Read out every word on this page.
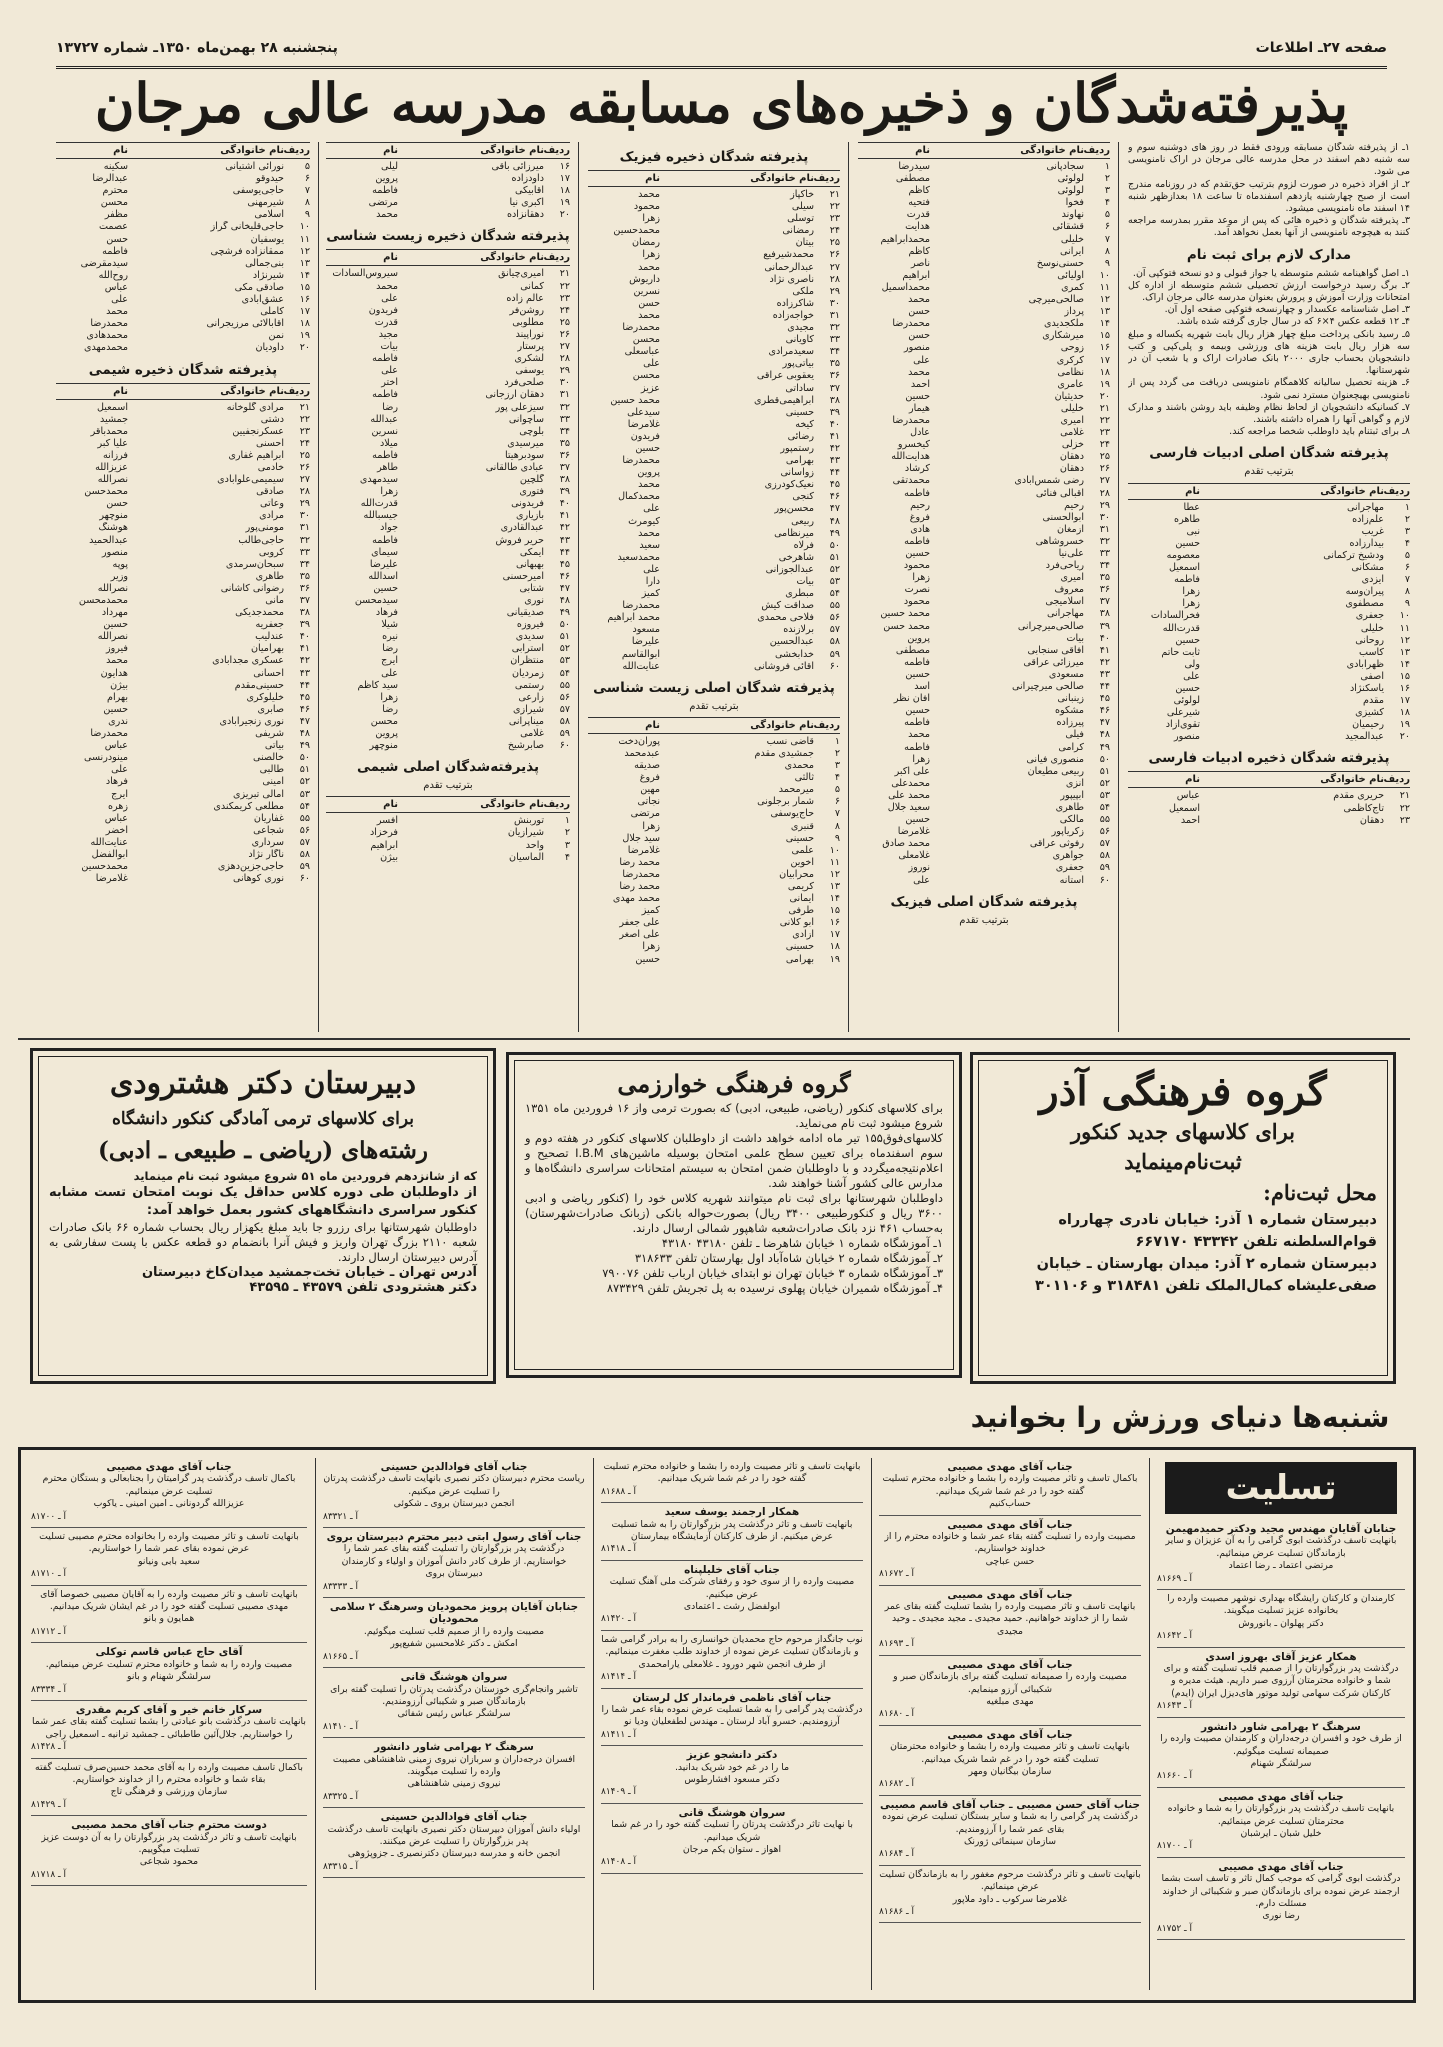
صفحه ۲۷ـ اطلاعات
پنجشنبه ۲۸ بهمن‌ماه ۱۳۵۰ـ شماره ۱۳۷۲۷
پذیرفته‌شدگان و ذخیره‌های مسابقه مدرسه عالی مرجان
۱ـ از پذیرفته شدگان مسابقه ورودی فقط در روز های دوشنبه سوم و سه شنبه دهم اسفند در محل مدرسه عالی مرجان در اراک نامنویسی می شود.
۲ـ از افراد ذخیره در صورت لزوم بترتیب حق‌تقدم که در روزنامه مندرج است از صبح چهارشنبه یازدهم اسفند‌ماه تا ساعت ۱۸ بعدازظهر شنبه ۱۴ اسفند ماه نامنویسی میشود.
۳ـ پذیرفته شدگان و ذخیره هائی که پس از موعد مقرر بمدرسه مراجعه کنند به هیچوجه نامنویسی از آنها بعمل نخواهد آمد.
مدارک لازم برای ثبت نام
۱ـ اصل گواهینامه ششم متوسطه یا جواز قبولی و دو نسخه فتوکپی آن.
۲ـ برگ رسید درخواست ارزش تحصیلی ششم متوسطه از اداره کل امتحانات وزارت آموزش و پرورش بعنوان مدرسه عالی مرجان اراک.
۳ـ اصل شناسنامه عکسدار و چهارنسخه فتوکپی صفحه اول آن.
۴ـ ۱۲ قطعه عکس ۴×۶ که در سال جاری گرفته شده باشد.
۵ـ رسید بانکی پرداخت مبلغ چهار هزار ریال بابت شهریه یکساله و مبلغ سه هزار ریال بابت هزینه های ورزشی وبیمه و پلی‌کپی و کتب دانشجویان بحساب جاری ۲۰۰۰ بانک صادرات اراک و یا شعب آن در شهرستانها.
۶ـ هزینه تحصیل سالیانه کلاهمگام نامنویسی دریافت می گردد پس از نامنویسی بهیچعنوان مسترد نمی شود.
۷ـ کسانیکه دانشجویان از لحاظ نظام وظیفه باید روشن باشند و مدارک لازم و گواهی آنها را همراه داشته باشند.
۸ـ برای ثبتنام باید داوطلب شخصا مراجعه کند.
پذیرفته شدگان اصلی ادبیات فارسی
بترتیب تقدم
ردیف
نام خانوادگی
نام
۱
مهاجرانی
عطا
۲
علم‌زاده
طاهره
۳
غریب
نبی
۴
بیدارزاده
حسین
۵
ودشیخ ترکمانی
معصومه
۶
مشکانی
اسمعیل
۷
ایزدی
فاطمه
۸
پیران‌وسه
زهرا
۹
مصطفوی
زهرا
۱۰
جعفری
فخرالسادات
۱۱
خلیلی
قدرت‌الله
۱۲
روحانی
حسین
۱۳
کاسب
ثابت حاتم
۱۴
ظهرآبادی
ولی
۱۵
آصفی
علی
۱۶
یاسکنژاد
حسین
۱۷
مقدم
لولوئی
۱۸
کشیزی
شیرعلی
۱۹
رحیمیان
تقوی‌آزاد
۲۰
عبدالمجید
منصور
پذیرفته شدگان ذخیره ادبیات فارسی
ردیف
نام خانوادگی
نام
۲۱
حریری مقدم
عباس
۲۲
تاج‌کاظمی
اسمعیل
۲۳
دهقان
احمد
ردیف
نام خانوادگی
نام
۱
سجادپانی
سیدرضا
۲
لولوئی
مصطفی
۳
لولوئی
کاظم
۴
فخوا
فتحیه
۵
نهاوند
قدرت
۶
قشقائی
هدایت
۷
خلیلی
محمدابراهیم
۸
ایرانی
کاظم
۹
حسنی‌نوسخ
ناصر
۱۰
اولیائی
ابراهیم
۱۱
کمری
محمداسمیل
۱۲
صالحی‌میرچی
محمد
۱۳
پرداز
حسن
۱۴
ملکجدیدی
محمدرضا
۱۵
میرشکاری
حسن
۱۶
زوحی
منصور
۱۷
کرکری
علی
۱۸
نظامی
محمد
۱۹
عامری
احمد
۲۰
حدیثیان
حسین
۲۱
خلیلی
هیمار
۲۲
امیری
محمدرضا
۲۳
غلامی
عادل
۲۴
خزلی
کیخسرو
۲۵
دهقان
هدایت‌الله
۲۶
دهقان
کرشاد
۲۷
رضی شمس‌آبادی
محمدتقی
۲۸
اقبالی فنائی
فاطمه
۲۹
رحیم
رحیم
۳۰
ابوالحسنی
فروغ
۳۱
ازمغان
هادی
۳۲
خسروشاهی
فاطمه
۳۳
علی‌نیا
حسین
۳۴
ریاحی‌فرد
محمود
۳۵
امیری
زهرا
۳۶
معروف
نصرت
۳۷
اسلامیجی
محمود
۳۸
مهاجرانی
محمد حسین
۳۹
صالحی‌میرچرانی
محمد حسن
۴۰
بیات
پروین
۴۱
آفاقی سنجابی
مصطفی
۴۲
میرزائی عراقی
فاطمه
۴۳
مسعودی
حسین
۴۴
صالحی میرچیرانی
اسد
۴۵
زینبانی
آفان نظر
۴۶
مشکوه
حسین
۴۷
پیرزاده
فاطمه
۴۸
فیلی
محمد
۴۹
کرامی
فاطمه
۵۰
منصوری فیانی
زهرا
۵۱
ربیعی مطیعان
علی اکبر
۵۲
آنزی
محمدعلی
۵۳
ابپیپور
محمد علی
۵۴
طاهری
سعید جلال
۵۵
مالکی
حسین
۵۶
زکریاپور
غلامرضا
۵۷
رفوثی عراقی
محمد صادق
۵۸
جواهری
غلامعلی
۵۹
جعفری
نوروز
۶۰
آستانه
علی
پذیرفته شدگان اصلی فیزیک
بترتیب تقدم
پذیرفته شدگان ذخیره فیزیک
ردیف
نام خانوادگی
نام
۲۱
خاکپاز
محمد
۲۲
سیلی
محمود
۲۳
توسلی
زهرا
۲۴
رمضانی
محمدحسین
۲۵
بیتان
رمضان
۲۶
محمدشیرفیع
زهرا
۲۷
عبدالرحمانی
محمد
۲۸
ناصری نژاد
داریوش
۲۹
ملکی
نسرین
۳۰
شاکرزاده
حسن
۳۱
خواجه‌زاده
محمد
۳۲
مجیدی
محمدرضا
۳۳
کاویانی
محسن
۳۴
سعیدمرادی
عباسعلی
۳۵
بیاتی‌پور
علی
۳۶
یعقوبی عراقی
محسن
۳۷
ساداتی
عزیز
۳۸
ابراهیمی‌قطری
محمد حسین
۳۹
حسینی
سیدعلی
۴۰
کیخه
غلامرضا
۴۱
رضائی
فریدون
۴۲
رستمپور
حسین
۴۳
بهرامی
محمدرضا
۴۴
زواسانی
پروین
۴۵
نعیک‌کودرزی
محمد
۴۶
کنجی
محمدکمال
۴۷
محسن‌پور
علی
۴۸
ربیعی
کیومرث
۴۹
میرنظامی
محمد
۵۰
فرلاه
سعید
۵۱
شاهرخی
محمدسعید
۵۲
عبدالجوزانی
علی
۵۳
بیات
دارا
۵۴
مبطری
کمیز
۵۵
صداقت کیش
محمدرضا
۵۶
فلاحی محمدی
محمد ابراهیم
۵۷
برلازنده
مسعود
۵۸
عبدالحسین
علیرضا
۵۹
خدابخشی
ابوالقاسم
۶۰
آقائی فروشانی
عنایت‌الله
پذیرفته شدگان اصلی زیست شناسی
بترتیب تقدم
ردیف
نام خانوادگی
نام
۱
قاضی نسب
پوران‌دخت
۲
جمشیدی مقدم
عبدمحمد
۳
محمدی
صدیقه
۴
ثالثی
فروغ
۵
میرمحمد
مهین
۶
شمار برجلونی
نجاتی
۷
حاج‌یوسفی
مرتضی
۸
قنبری
زهرا
۹
حسینی
سید جلال
۱۰
علمی
غلامرضا
۱۱
اخوین
محمد رضا
۱۲
محرابیان
محمدرضا
۱۳
کریمی
محمد رضا
۱۴
ایمانی
محمد مهدی
۱۵
طرفی
کمیز
۱۶
ابو کلانی
علی جعفر
۱۷
آزادی
علی اصغر
۱۸
حسینی
زهرا
۱۹
بهرامی
حسین
ردیف
نام خانوادگی
نام
۱۶
میرزائی باقی
لیلی
۱۷
داودزاده
پروین
۱۸
آقابیکی
فاطمه
۱۹
اکبری نیا
مرتضی
۲۰
دهقانزاده
محمد
پذیرفته شدگان ذخیره زیست شناسی
ردیف
نام خانوادگی
نام
۲۱
امیری‌چیانق
سیروس‌السادات
۲۲
کمانی
محمد
۲۳
عالم زاده
علی
۲۴
روشن‌فر
فریدون
۲۵
مطلوبی
قدرت
۲۶
نوراپیند
مجید
۲۷
پرستار
بیات
۲۸
لشکری
فاطمه
۲۹
یوسفی
علی
۳۰
صلحی‌فرد
اختر
۳۱
دهقان ارزجانی
فاطمه
۳۲
سیزعلی پور
رضا
۳۳
ساچوانی
عبدالله
۳۴
بلوچی
نسرین
۳۵
میرسیدی
میلاد
۳۶
سودبرهیتا
فاطمه
۳۷
عبادی طالقانی
طاهر
۳۸
گلچین
سیدمهدی
۳۹
فتوری
زهرا
۴۰
فریدونی
قدرت‌الله
۴۱
بازیاری
جیسبالله
۴۲
عبدالقادری
جواد
۴۳
حریر فروش
فاطمه
۴۴
ایمکی
سیمای
۴۵
بهبهانی
علیرضا
۴۶
آمیرحسنی
اسدالله
۴۷
شتابی
حسین
۴۸
نوری
سیدمحسن
۴۹
صدیقیانی
فرهاد
۵۰
فیروزه
شیلا
۵۱
سدیدی
نیره
۵۲
استرابی
رضا
۵۳
منتظران
ایرج
۵۴
زمردیان
علی
۵۵
رستمی
سید کاظم
۵۶
زارعی
زهرا
۵۷
شیرازی
رضا
۵۸
میناپرانی
محسن
۵۹
غلامی
پروین
۶۰
صابرشیخ
منوچهر
پذیرفته‌شدگان اصلی شیمی
بترتیب تقدم
ردیف
نام خانوادگی
نام
۱
توربنش
افسر
۲
شیرازیان
فرخزاد
۳
واحد
ابراهیم
۴
الماسیان
بیژن
ردیف
نام خانوادگی
نام
۵
نورائی آشتیانی
سکینه
۶
حیدوقو
عبدالرضا
۷
حاجی‌یوسفی
محترم
۸
شیرمهنی
محسن
۹
اسلامی
مظفر
۱۰
حاجی‌قلیخانی گراز
عصمت
۱۱
یوسفیان
حسن
۱۲
ممقانزاده فرشچی
فاطمه
۱۳
بنی‌جمالی
سیدمقرضی
۱۴
شیرنژاد
روح‌الله
۱۵
صادقی مکی
عباس
۱۶
عشق‌آبادی
علی
۱۷
کاملی
محمد
۱۸
آقابالائی مرزیجرانی
محمدرضا
۱۹
نمن
محمدهادی
۲۰
داودیان
محمدمهدی
پذیرفته شدگان ذخیره شیمی
ردیف
نام خانوادگی
نام
۲۱
مرادی گلوخانه
اسمعیل
۲۲
دشتی
جمشید
۲۳
عسکرنجفیین
محمدباقر
۲۴
احسنی
علیا کبر
۲۵
ابراهیم غفاری
فرزانه
۲۶
خادمی
عزیزالله
۲۷
سیمیمی‌علوآبادی
نصرالله
۲۸
صادقی
محمدحسن
۲۹
وعاتی
حسن
۳۰
مرادی
منوچهر
۳۱
مومنی‌پور
هوشنگ
۳۲
حاجی‌طالب
عبدالحمید
۳۳
کروبی
منصور
۳۴
سبحان‌سرمدی
پوپه
۳۵
طاهری
وزیر
۳۶
رضوانی کاشانی
نصرالله
۳۷
مانی
محمدمحسن
۳۸
محمدجدیکی
مهرداد
۳۹
جعفریه
حسین
۴۰
عندلیب
نصرالله
۴۱
بهرامیان
فیروز
۴۲
عسکری مجدآبادی
محمد
۴۳
احسانی
هدایون
۴۴
حسینی‌مقدم
بیژن
۴۵
خلیلوکری
بهرام
۴۶
صابری
حسین
۴۷
نوری زنجیرآبادی
ندری
۴۸
شریفی
محمدرضا
۴۹
بیاتی
عباس
۵۰
خالصنی
مینودرنسی
۵۱
طالبی
علی
۵۲
امینی
فرهاد
۵۳
امالی تبریزی
ایرج
۵۴
مطلعی کریمکندی
زهره
۵۵
غفاریان
عباس
۵۶
شجاعی
اخضر
۵۷
سرداری
عنایت‌الله
۵۸
ناگار نژاد
ابوالفضل
۵۹
حاجی‌جزین‌دهزی
محمدحسین
۶۰
نوری کوهانی
غلامرضا
گروه فرهنگی آذر
برای کلاسهای جدید کنکور
ثبت‌نام‌مینماید
محل ثبت‌نام:
دبیرستان شماره ۱ آذر: خیابان نادری چهارراه
قوام‌السلطنه تلفن ۴۳۳۴۲ ۶۶۷۱۷۰
دبیرستان شماره ۲ آذر: میدان بهارستان ـ خیابان
صفی‌علیشاه کمال‌الملک تلفن ۳۱۸۴۸۱ و ۳۰۱۱۰۶
گروه فرهنگی خوارزمی
برای کلاسهای کنکور (ریاضی، طبیعی، ادبی) که بصورت ترمی واز ۱۶ فروردین ماه ۱۳۵۱ شروع میشود ثبت نام می‌نماید.
کلاسهای‌فوق‌۱۵۵ تیر ماه ادامه خواهد داشت از داوطلبان کلاسهای کنکور در هفته دوم و سوم اسفند‌ماه برای تعیین سطح علمی امتحان بوسیله ماشین‌های I.B.M تصحیح و اعلام‌نتیجه‌میگردد و با داوطلبان ضمن امتحان به سیستم امتحانات سراسری دانشگاه‌ها و مدارس عالی کشور آشنا خواهند شد.
داوطلبان شهرستانها برای ثبت نام میتوانند شهریه کلاس خود را (کنکور ریاضی و ادبی ۳۶۰۰ ریال و کنکورطبیعی ۳۴۰۰ ریال) بصورت‌حواله بانکی (زبانک صادرات‌شهرستان) به‌حساب ۴۶۱ نزد بانک صادرات‌شعبه شاهپور شمالی ارسال دارند.
۱ـ آموزشگاه شماره ۱ خیابان شاهرضا ـ تلفن ۴۳۱۸۰ ۴۳۱۸۰
۲ـ آموزشگاه شماره ۲ خیابان شاه‌آباد اول بهارستان تلفن ۳۱۸۶۳۳
۳ـ آموزشگاه شماره ۳ خیابان تهران نو ابتدای خیابان ارباب تلفن ۷۹۰۰۷۶
۴ـ آموزشگاه شمیران خیابان پهلوی نرسیده به پل تجریش تلفن ۸۷۳۴۲۹
دبیرستان دکتر هشترودی
برای کلاسهای ترمی آمادگی کنکور دانشگاه
رشته‌های (ریاضی ـ طبیعی ـ ادبی)
که از شانزدهم فروردین ماه ۵۱ شروع میشود ثبت نام مینماید
از داوطلبان طی دوره کلاس حداقل یک نوبت امتحان تست مشابه کنکور سراسری دانشگاههای کشور بعمل خواهد آمد:
داوطلبان شهرستانها برای رزرو جا باید مبلغ یکهزار ریال بحساب شماره ۶۶ بانک صادرات شعبه ۲۱۱۰ بزرگ تهران واریز و فیش آنرا بانضمام دو قطعه عکس با پست سفارشی به آدرس دبیرستان ارسال دارند.
آدرس تهران ـ خیابان تخت‌جمشید میدان‌کاخ دبیرستان
دکتر هشترودی تلفن ۴۳۵۷۹ ـ ۴۳۵۹۵
شنبه‌ها دنیای ورزش را بخوانید
تسلیت
جنابان آقایان مهندس مجید ودکتر حمیدمهیمن
بانهایت تاسف درگذشت ابوی گرامی را به آن عزیزان و سایر بازماندگان تسلیت عرض مینمائیم.
مرتضی اعتماد ـ رضا اعتماد
آ ـ ۸۱۶۶۹
کارمندان و کارکنان رایشگاه بهداری نوشهر مصیبت وارده را بخانواده عزیز تسلیت میگویند.
دکتر پهلوان ـ بانوروش
آ ـ ۸۱۶۴۲
همکار عزیز آقای بهروز اسدی
درگذشت پدر بزرگوارتان را از صمیم قلب تسلیت گفته و برای شما و خانواده محترمتان آرزوی صبر داریم. هیئت مدیره و کارکنان شرکت سهامی تولید موتور های‌دیزل ایران (ایدم)
آ ـ ۸۱۶۴۳
سرهنگ ۲ بهرامی شاور دانشور
از طرف خود و افسران درجه‌داران و کارمندان مصیبت وارده را صمیمانه تسلیت میگوئیم.
سرلشگر شهنام
آ ـ ۸۱۶۶۰
جناب آقای مهدی مصیبی
بانهایت تاسف درگذشت پدر بزرگوارتان را به شما و خانواده محترمتان تسلیت عرض مینمائیم.
خلیل شبان ـ ایرشبان
آ ـ ۸۱۷۰۰
جناب آقای مهدی مصیبی
درگذشت ابوی گرامی که موجب کمال تاثر و تاسف است بشما ارجمند عرض نموده برای بازماندگان صبر و شکیبائی از خداوند مسئلت دارم.
رضا نوری
آ ـ ۸۱۷۵۲
جناب آقای مهدی مصیبی
باکمال تاسف و تاثر مصیبت وارده را بشما و خانواده محترم تسلیت گفته خود را در غم شما شریک میدانیم.
حساب‌کنیم
جناب آقای مهدی مصیبی
مصیبت وارده را تسلیت گفته بقاء عمر شما و خانواده محترم را از خداوند خواستاریم.
حسن عباچی
آ ـ ۸۱۶۷۲
جناب آقای مهدی مصیبی
بانهایت تاسف و تاثر مصیبت وارده را بشما تسلیت گفته بقای عمر شما را از خداوند خواهانیم. حمید مجیدی ـ مجید مجیدی ـ وحید مجیدی
آ ـ ۸۱۶۹۳
جناب آقای مهدی مصیبی
مصیبت وارده را صمیمانه تسلیت گفته برای بازماندگان صبر و شکیبائی آرزو مینمایم.
مهدی مبلغیه
آ ـ ۸۱۶۸۰
جناب آقای مهدی مصیبی
بانهایت تاسف و تاثر مصیبت وارده را بشما و خانواده محترمتان تسلیت گفته خود را در غم شما شریک میدانیم.
سازمان بیگانیان ومهر
آ ـ ۸۱۶۸۲
جناب آقای حسن مصیبی ـ جناب آقای قاسم مصیبی
درگذشت پدر گرامی را به شما و سایر بستگان تسلیت عرض نموده بقای عمر شما را آرزومندیم.
سازمان سینمائی ژورنک
آ ـ ۸۱۶۸۴
بانهایت تاسف و تاثر درگذشت مرحوم مغفور را به بازماندگان تسلیت عرض مینمائیم.
غلامرضا سرکوب ـ داود ملاپور
آ ـ ۸۱۶۸۶
بانهایت تاسف و تاثر مصیبت وارده را بشما و خانواده محترم تسلیت گفته خود را در غم شما شریک میدانیم.
آ ـ ۸۱۶۸۸
همکار ارجمند یوسف سعید
بانهایت تاسف و تاثر درگذشت پدر بزرگوارتان را به شما تسلیت عرض میکنیم. از طرف کارکنان آزمایشگاه بیمارستان
آ ـ ۸۱۴۱۸
جناب آقای خلیلپناه
مصیبت وارده را از سوی خود و رفقای شرکت ملی آهنگ تسلیت عرض میکنیم.
ابولفضل رشت ـ اعتمادی
آ ـ ۸۱۴۲۰
نوب جانگداز مرحوم حاج محمدیان خوانساری را به برادر گرامی شما و بازماندگان تسلیت عرض نموده از خداوند طلب مغفرت مینمائیم.
از طرف انجمن شهر دورود ـ غلامعلی یارامحمدی
آ ـ ۸۱۴۱۴
جناب آقای ناظمی فرماندار کل لرستان
درگذشت پدر گرامی را به شما تسلیت عرض نموده بقاء عمر شما را آرزومندیم. خسرو آباد لرستان ـ مهندس لطفعلیان ودیا نو
آ ـ ۸۱۴۱۱
دکتر دانشجو عزیز
ما را در غم خود شریک بدانید.
دکتر مسعود افشارطوس
آ ـ ۸۱۴۰۹
سروان هوشنگ قانی
با نهایت تاثر درگذشت پدرتان را تسلیت گفته خود را در غم شما شریک میدانیم.
اهواز ـ ستوان یکم مرجان
آ ـ ۸۱۴۰۸
جناب آقای فوادالدین حسینی
ریاست محترم دبیرستان دکتر نصیری بانهایت تاسف درگذشت پدرتان را تسلیت عرض میکنیم.
انجمن دبیرستان بروی ـ شکوئی
آ ـ ۸۳۳۲۱
جناب آقای رسول ابتی دبیر محترم دبیرستان بروی
درگذشت پدر بزرگوارتان را تسلیت گفته بقای عمر شما را خواستاریم. از طرف کادر دانش آموزان و اولیاء و کارمندان دبیرستان بروی
آ ـ ۸۳۳۳۳
جنابان آقایان پرویز محمودیان وسرهنگ ۲ سلامی محمودیان
مصیبت وارده را از صمیم قلب تسلیت میگوئیم.
امکش ـ دکتر غلامحسین شفیع‌پور
آ ـ ۸۱۶۶۵
سروان هوشنگ قانی
تاشیر وانجام‌گری خوزستان درگذشت پدرتان را تسلیت گفته برای بازماندگان صبر و شکیبائی آرزومندیم.
سرلشگر عباس رئیس شفائی
آ ـ ۸۱۴۱۰
سرهنگ ۲ بهرامی شاور دانشور
افسران درجه‌داران و سربازان نیروی زمینی شاهنشاهی مصیبت وارده را تسلیت میگویند.
نیروی زمینی شاهنشاهی
آ ـ ۸۳۳۲۵
جناب آقای فوادالدین حسینی
اولیاء دانش آموزان دبیرستان دکتر نصیری بانهایت تاسف درگذشت پدر بزرگوارتان را تسلیت عرض میکنند.
انجمن خانه و مدرسه دبیرستان دکترنصیری ـ جزوپژوهی
آ ـ ۸۳۳۱۵
جناب آقای مهدی مصیبی
باکمال تاسف درگذشت پدر گرامیتان را بجنابعالی و بستگان محترم تسلیت عرض مینمائیم.
عزیزالله گردونانی ـ امین امینی ـ یاکوب
آ ـ ۸۱۷۰۰
بانهایت تاسف و تاثر مصیبت وارده را بخانواده محترم مصیبی تسلیت عرض نموده بقای عمر شما را خواستاریم.
سعید بابی ونیانو
آ ـ ۸۱۷۱۰
بانهایت تاسف و تاثر مصیبت وارده را به آقایان مصیبی خصوصا آقای مهدی مصیبی تسلیت گفته خود را در غم ایشان شریک میدانیم.
همایون و بانو
آ ـ ۸۱۷۱۲
آقای حاج عباس قاسم توکلی
مصیبت وارده را به شما و خانواده محترم تسلیت عرض مینمائیم.
سرلشگر شهنام و بانو
آ ـ ۸۳۳۳۴
سرکار خانم خیر و آقای کریم مقدری
بانهایت تاسف درگذشت بانو عبادتی را بشما تسلیت گفته بقای عمر شما را خواستاریم. جلال‌آئین طاطبائی ـ جمشید ترانیه ـ اسمعیل راجی
آ ـ ۸۱۴۲۸
باکمال تاسف مصیبت وارده را به آقای محمد حسین‌صرف تسلیت گفته بقاء شما و خانواده محترم را از خداوند خواستاریم.
سازمان ورزشی و فرهنگی تاج
آ ـ ۸۱۴۲۹
دوست محترم جناب آقای محمد مصیبی
بانهایت تاسف و تاثر درگذشت پدر بزرگوارتان را به آن دوست عزیز تسلیت میگوییم.
محمود شجاعی
آ ـ ۸۱۷۱۸
